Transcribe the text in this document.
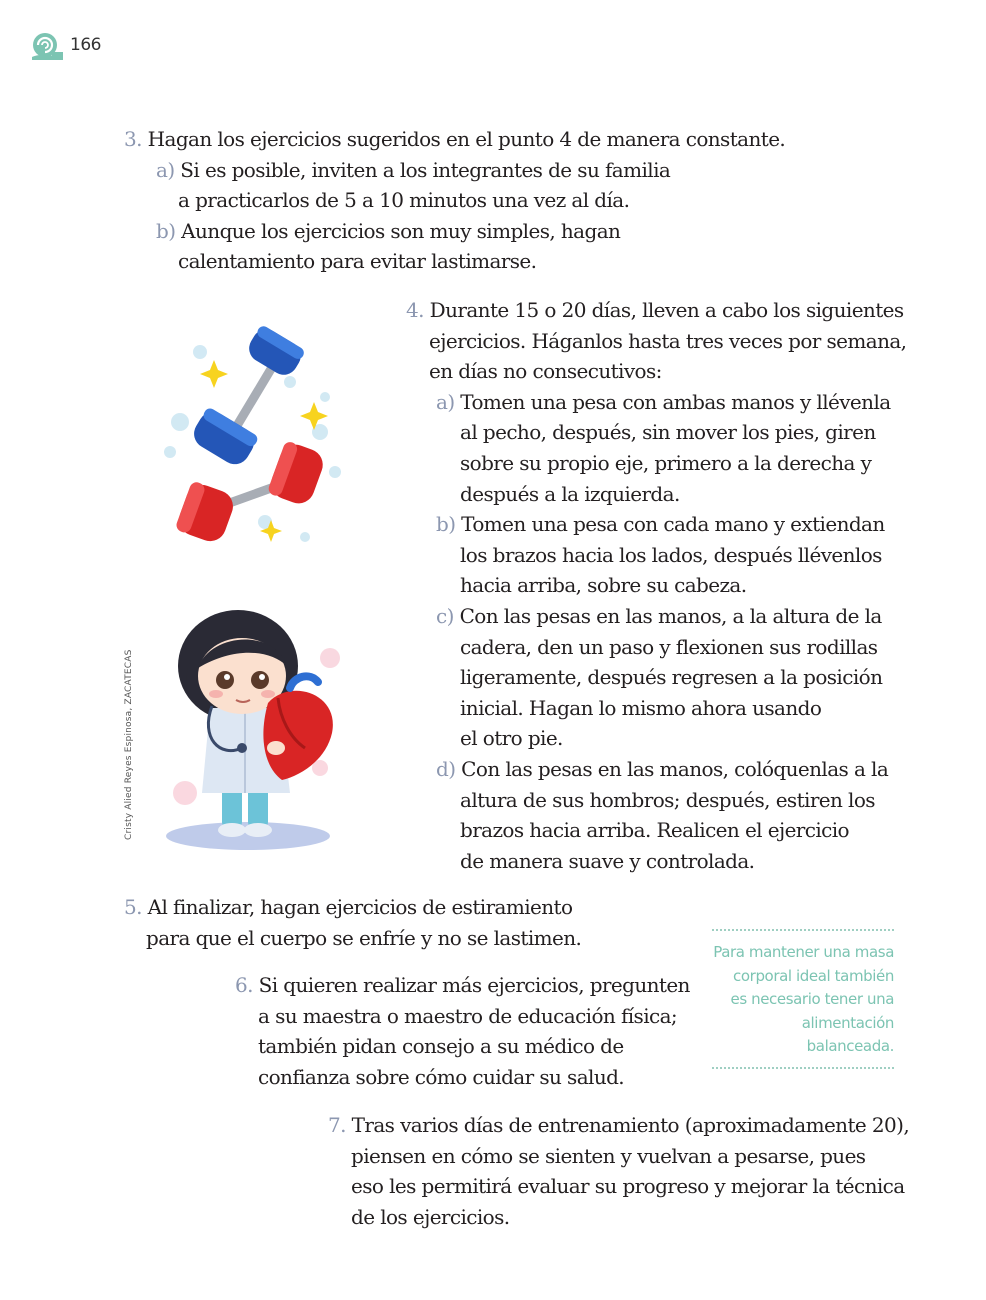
166
3. Hagan los ejercicios sugeridos en el punto 4 de manera constante.
a) Si es posible, inviten a los integrantes de su familia
a practicarlos de 5 a 10 minutos una vez al día.
b) Aunque los ejercicios son muy simples, hagan
calentamiento para evitar lastimarse.
4. Durante 15 o 20 días, lleven a cabo los siguientes
ejercicios. Háganlos hasta tres veces por semana,
en días no consecutivos:
a) Tomen una pesa con ambas manos y llévenla
al pecho, después, sin mover los pies, giren
sobre su propio eje, primero a la derecha y
después a la izquierda.
b) Tomen una pesa con cada mano y extiendan
los brazos hacia los lados, después llévenlos
hacia arriba, sobre su cabeza.
c) Con las pesas en las manos, a la altura de la
cadera, den un paso y flexionen sus rodillas
ligeramente, después regresen a la posición
inicial. Hagan lo mismo ahora usando
el otro pie.
d) Con las pesas en las manos, colóquenlas a la
altura de sus hombros; después, estiren los
brazos hacia arriba. Realicen el ejercicio
de manera suave y controlada.
5. Al finalizar, hagan ejercicios de estiramiento
para que el cuerpo se enfríe y no se lastimen.
6. Si quieren realizar más ejercicios, pregunten
a su maestra o maestro de educación física;
también pidan consejo a su médico de
confianza sobre cómo cuidar su salud.
7. Tras varios días de entrenamiento (aproximadamente 20),
piensen en cómo se sienten y vuelvan a pesarse, pues
eso les permitirá evaluar su progreso y mejorar la técnica
de los ejercicios.
Para mantener una masa
corporal ideal también
es necesario tener una
alimentación balanceada.
Cristy Alied Reyes Espinosa, ZACATECAS
